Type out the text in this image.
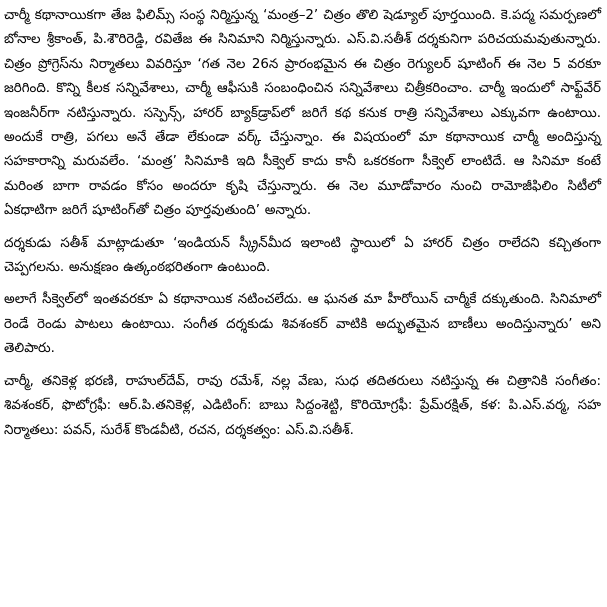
చార్మీ కథానాయికగా తేజ ఫిలిమ్స్ సంస్థ నిర్మిస్తున్న ‘మంత్ర–2’ చిత్రం తొలి షెడ్యూల్ పూర్తయింది. కె.పద్మ సమర్పణలో బోనాల శ్రీకాంత్, పి.శౌరిరెడ్డి, రవితేజ ఈ సినిమాని నిర్మిస్తున్నారు. ఎస్.వి.సతీశ్ దర్శకునిగా పరిచయమవుతున్నారు. చిత్రం ప్రోగ్రెస్‌ను నిర్మాతలు వివరిస్తూ ‘గత నెల 26న ప్రారంభమైన ఈ చిత్రం రెగ్యులర్ షూటింగ్ ఈ నెల 5 వరకూ జరిగింది. కొన్ని కీలక సన్నివేశాలు, చార్మీ ఆఫీసుకి సంబంధించిన సన్నివేశాలు చిత్రీకరించాం. చార్మీ ఇందులో సాఫ్ట్‌వేర్ ఇంజనీర్‌గా నటిస్తున్నారు. సస్పెన్స్, హారర్ బ్యాక్‌డ్రాప్‌లో జరిగే కథ కనుక రాత్రి సన్నివేశాలు ఎక్కువగా ఉంటాయి. అందుకే రాత్రి, పగలు అనే తేడా లేకుండా వర్క్ చేస్తున్నాం. ఈ విషయంలో మా కథానాయిక చార్మీ అందిస్తున్న సహకారాన్ని మరువలేం. ‘మంత్ర’ సినిమాకి ఇది సీక్వెల్ కాదు కానీ ఒకరకంగా సీక్వెల్ లాంటిదే. ఆ సినిమా కంటే మరింత బాగా రావడం కోసం అందరూ కృషి చేస్తున్నారు. ఈ నెల మూడోవారం నుంచి రామోజీఫిలిం సిటీలో ఏకధాటిగా జరిగే షూటింగ్‌తో చిత్రం పూర్తవుతుంది’ అన్నారు.

దర్శకుడు సతీశ్ మాట్లాడుతూ ‘ఇండియన్ స్క్రీన్‌మీద ఇలాంటి స్థాయిలో ఏ హారర్ చిత్రం రాలేదని కచ్చితంగా చెప్పగలను. అనుక్షణం ఉత్కంఠభరితంగా ఉంటుంది.

అలాగే సీక్వెల్‌లో ఇంతవరకూ ఏ కథానాయిక నటించలేదు. ఆ ఘనత మా హీరోయిన్ చార్మీకే దక్కుతుంది. సినిమాలో రెండే రెండు పాటలు ఉంటాయి. సంగీత దర్శకుడు శివశంకర్ వాటికి అద్భుతమైన బాణీలు అందిస్తున్నారు’ అని తెలిపారు.

చార్మీ, తనికెళ్ల భరణి, రాహుల్‌దేవ్, రావు రమేశ్, నల్ల వేణు, సుధ తదితరులు నటిస్తున్న ఈ చిత్రానికి సంగీతం: శివశంకర్, ఫొటోగ్రఫీ: ఆర్.పి.తనికెళ్ల, ఎడిటింగ్: బాబు సిద్దంశెట్టి, కొరియోగ్రఫీ: ప్రేమ్‌రక్షిత్, కళ: పి.ఎస్.వర్మ, సహ నిర్మాతలు: పవన్, సురేశ్ కొండవీటి, రచన, దర్శకత్వం: ఎస్.వి.సతీశ్.
